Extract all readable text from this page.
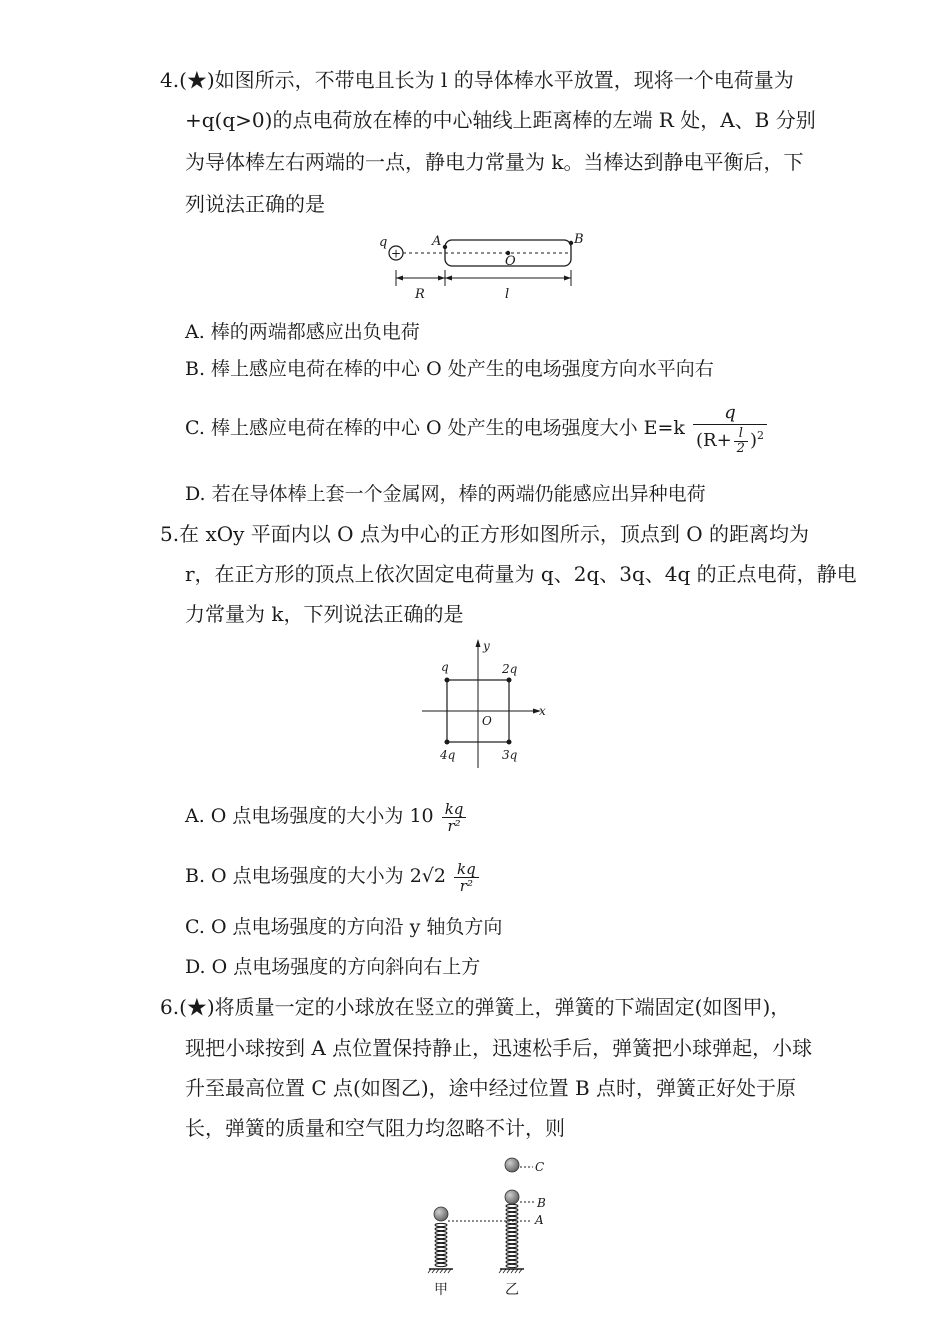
4.(★)如图所示，不带电且长为 l 的导体棒水平放置，现将一个电荷量为
+q(q>0)的点电荷放在棒的中心轴线上距离棒的左端 R 处，A、B 分别
为导体棒左右两端的一点，静电力常量为 k。当棒达到静电平衡后，下
列说法正确的是
q
+
A	B
O
R	l
A. 棒的两端都感应出负电荷
B. 棒上感应电荷在棒的中心 O 处产生的电场强度方向水平向右
C. 棒上感应电荷在棒的中心 O 处产生的电场强度大小 $E=k \frac{q}{(R+ \frac{l}{2} )^2}$
D. 若在导体棒上套一个金属网，棒的两端仍能感应出异种电荷
5.在 xOy 平面内以 O 点为中心的正方形如图所示，顶点到 O 的距离均为
r，在正方形的顶点上依次固定电荷量为 q、2q、3q、4q 的正点电荷，静电
力常量为 k，下列说法正确的是
y
x
O
q	2q
3q
4q
A. O 点电场强度的大小为 $10 \frac{kq}{\text{r²}}$
B. O 点电场强度的大小为 $2√2 \frac{kq}{\text{r²}}$
C. O 点电场强度的方向沿 y 轴负方向
D. O 点电场强度的方向斜向右上方
6.(★)将质量一定的小球放在竖立的弹簧上，弹簧的下端固定(如图甲)，
现把小球按到 A 点位置保持静止，迅速松手后，弹簧把小球弹起，小球
升至最高位置 C 点(如图乙)，途中经过位置 B 点时，弹簧正好处于原
长，弹簧的质量和空气阻力均忽略不计，则
C
B
A
甲	乙
